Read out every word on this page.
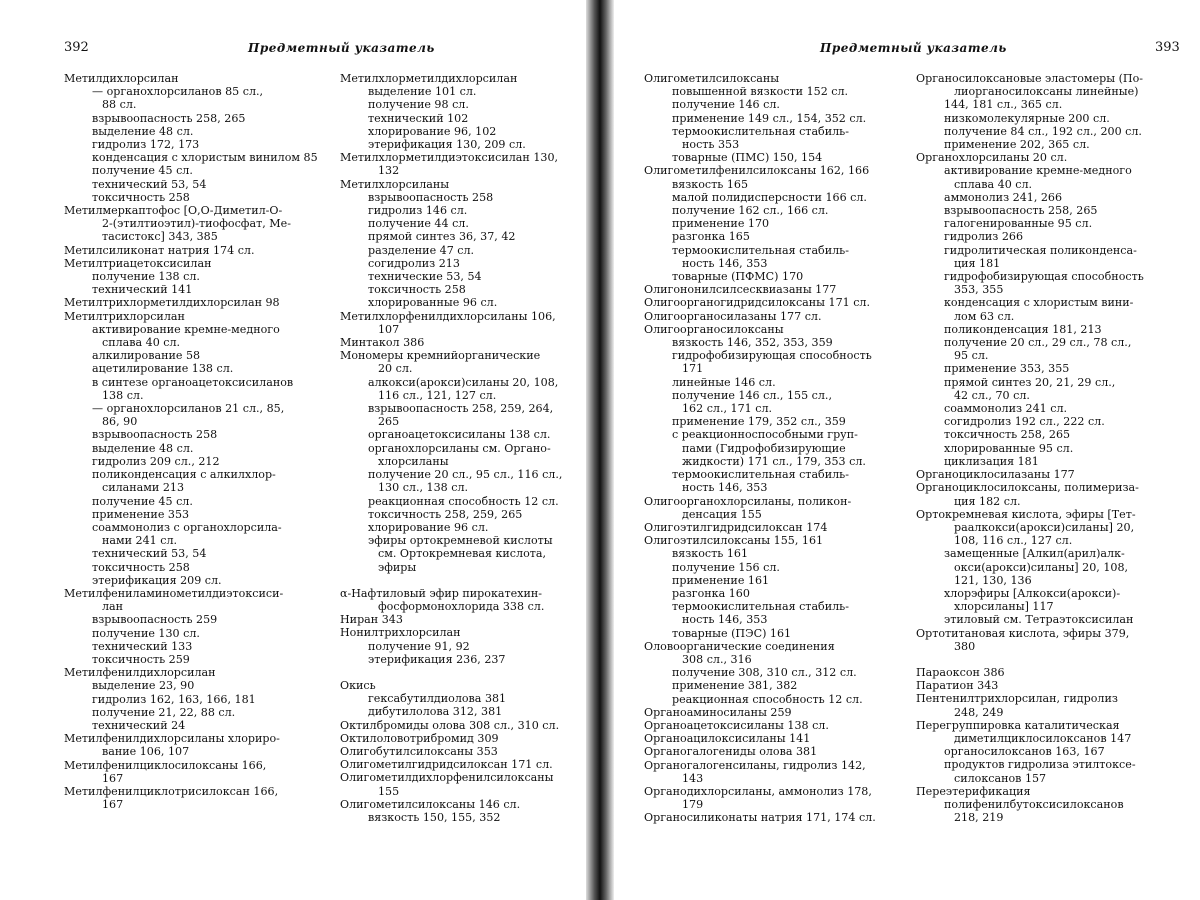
392	Предметный указатель
Метилдихлорсилан
— органохлорсиланов 85 сл.,
88 сл.
взрывоопасность 258, 265
выделение 48 сл.
гидролиз 172, 173
конденсация с хлористым винилом 85
получение 45 сл.
технический 53, 54
токсичность 258
Метилмеркаптофос [О,О-Диметил-О-
2-(этилтиоэтил)-тиофосфат, Ме-
тасистокс] 343, 385
Метилсиликонат натрия 174 сл.
Метилтриацетоксисилан
получение 138 сл.
технический 141
Метилтрихлорметилдихлорсилан 98
Метилтрихлорсилан
активирование кремне-медного
сплава 40 сл.
алкилирование 58
ацетилирование 138 сл.
в синтезе органоацетоксисиланов
138 сл.
— органохлорсиланов 21 сл., 85,
86, 90
взрывоопасность 258
выделение 48 сл.
гидролиз 209 сл., 212
поликонденсация с алкилхлор-
силанами 213
получение 45 сл.
применение 353
соаммонолиз с органохлорсила-
нами 241 сл.
технический 53, 54
токсичность 258
этерификация 209 сл.
Метилфениламинометилдиэтоксиси-
лан
взрывоопасность 259
получение 130 сл.
технический 133
токсичность 259
Метилфенилдихлорсилан
выделение 23, 90
гидролиз 162, 163, 166, 181
получение 21, 22, 88 сл.
технический 24
Метилфенилдихлорсиланы хлориро-
вание 106, 107
Метилфенилциклосилоксаны 166,
167
Метилфенилциклотрисилоксан 166,
167
Метилхлорметилдихлорсилан
выделение 101 сл.
получение 98 сл.
технический 102
хлорирование 96, 102
этерификация 130, 209 сл.
Метилхлорметилдиэтоксисилан 130,
132
Метилхлорсиланы
взрывоопасность 258
гидролиз 146 сл.
получение 44 сл.
прямой синтез 36, 37, 42
разделение 47 сл.
согидролиз 213
технические 53, 54
токсичность 258
хлорированные 96 сл.
Метилхлорфенилдихлорсиланы 106,
107
Минтакол 386
Мономеры кремнийорганические
20 сл.
алкокси(арокси)силаны 20, 108,
116 сл., 121, 127 сл.
взрывоопасность 258, 259, 264,
265
органоацетоксисиланы 138 сл.
органохлорсиланы см. Органо-
хлорсиланы
получение 20 сл., 95 сл., 116 сл.,
130 сл., 138 сл.
реакционная способность 12 сл.
токсичность 258, 259, 265
хлорирование 96 сл.
эфиры ортокремневой кислоты
см. Ортокремневая кислота,
эфиры
α-Нафтиловый эфир пирокатехин-
фосформонохлорида 338 сл.
Ниран 343
Нонилтрихлорсилан
получение 91, 92
этерификация 236, 237
Окись
гексабутилдиолова 381
дибутилолова 312, 381
Октилбромиды олова 308 сл., 310 сл.
Октилоловотрибромид 309
Олигобутилсилоксаны 353
Олигометилгидридсилоксан 171 сл.
Олигометилдихлорфенилсилоксаны
155
Олигометилсилоксаны 146 сл.
вязкость 150, 155, 352
Предметный указатель	393
Олигометилсилоксаны
повышенной вязкости 152 сл.
получение 146 сл.
применение 149 сл., 154, 352 сл.
термоокислительная стабиль-
ность 353
товарные (ПМС) 150, 154
Олигометилфенилсилоксаны 162, 166
вязкость 165
малой полидисперсности 166 сл.
получение 162 сл., 166 сл.
применение 170
разгонка 165
термоокислительная стабиль-
ность 146, 353
товарные (ПФМС) 170
Олигононилсилсесквиазаны 177
Олигоорганогидридсилоксаны 171 сл.
Олигоорганосилазаны 177 сл.
Олигоорганосилоксаны
вязкость 146, 352, 353, 359
гидрофобизирующая способность
171
линейные 146 сл.
получение 146 сл., 155 сл.,
162 сл., 171 сл.
применение 179, 352 сл., 359
с реакционноспособными груп-
пами (Гидрофобизирующие
жидкости) 171 сл., 179, 353 сл.
термоокислительная стабиль-
ность 146, 353
Олигоорганохлорсиланы, поликон-
денсация 155
Олигоэтилгидридсилоксан 174
Олигоэтилсилоксаны 155, 161
вязкость 161
получение 156 сл.
применение 161
разгонка 160
термоокислительная стабиль-
ность 146, 353
товарные (ПЭС) 161
Оловоорганические соединения
308 сл., 316
получение 308, 310 сл., 312 сл.
применение 381, 382
реакционная способность 12 сл.
Органоаминосиланы 259
Органоацетоксисиланы 138 сл.
Органоацилоксисиланы 141
Органогалогениды олова 381
Органогалогенсиланы, гидролиз 142,
143
Органодихлорсиланы, аммонолиз 178,
179
Органосиликонаты натрия 171, 174 сл.
Органосилоксановые эластомеры (По-
лиорганосилоксаны линейные)
144, 181 сл., 365 сл.
низкомолекулярные 200 сл.
получение 84 сл., 192 сл., 200 сл.
применение 202, 365 сл.
Органохлорсиланы 20 сл.
активирование кремне-медного
сплава 40 сл.
аммонолиз 241, 266
взрывоопасность 258, 265
галогенированные 95 сл.
гидролиз 266
гидролитическая поликонденса-
ция 181
гидрофобизирующая способность
353, 355
конденсация с хлористым вини-
лом 63 сл.
поликонденсация 181, 213
получение 20 сл., 29 сл., 78 сл.,
95 сл.
применение 353, 355
прямой синтез 20, 21, 29 сл.,
42 сл., 70 сл.
соаммонолиз 241 сл.
согидролиз 192 сл., 222 сл.
токсичность 258, 265
хлорированные 95 сл.
циклизация 181
Органоциклосилазаны 177
Органоциклосилоксаны, полимериза-
ция 182 сл.
Ортокремневая кислота, эфиры [Тет-
раалкокси(арокси)силаны] 20,
108, 116 сл., 127 сл.
замещенные [Алкил(арил)алк-
окси(арокси)силаны] 20, 108,
121, 130, 136
хлорэфиры [Алкокси(арокси)-
хлорсиланы] 117
этиловый см. Тетраэтоксисилан
Ортотитановая кислота, эфиры 379,
380
Параоксон 386
Паратион 343
Пентенилтрихлорсилан, гидролиз
248, 249
Перегруппировка каталитическая
диметилциклосилоксанов 147
органосилоксанов 163, 167
продуктов гидролиза этилтоксе-
силоксанов 157
Переэтерификация
полифенилбутоксисилоксанов
218, 219
